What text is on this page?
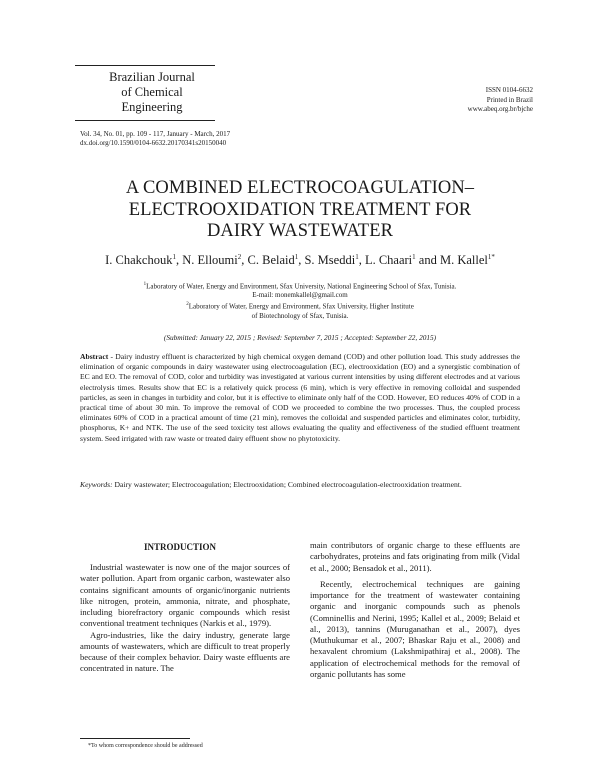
Brazilian Journal
of Chemical
Engineering
ISSN 0104-6632
Printed in Brazil
www.abeq.org.br/bjche
Vol. 34, No. 01, pp. 109 - 117, January - March, 2017
dx.doi.org/10.1590/0104-6632.20170341s20150040
A COMBINED ELECTROCOAGULATION–
ELECTROOXIDATION TREATMENT FOR
DAIRY WASTEWATER
I. Chakchouk$^1$, N. Elloumi$^2$, C. Belaid$^1$, S. Mseddi$^1$, L. Chaari$^1$ and M. Kallel$^{1*}$
$^1$Laboratory of Water, Energy and Environment, Sfax University, National Engineering School of Sfax, Tunisia.
E-mail: monemkallel@gmail.com
$^2$Laboratory of Water, Energy and Environment, Sfax University, Higher Institute
of Biotechnology of Sfax, Tunisia.
(Submitted: January 22, 2015 ; Revised: September 7, 2015 ; Accepted: September 22, 2015)
Abstract - Dairy industry effluent is characterized by high chemical oxygen demand (COD) and other pollution load. This study addresses the elimination of organic compounds in dairy wastewater using electrocoagulation (EC), electrooxidation (EO) and a synergistic combination of EC and EO. The removal of COD, color and turbidity was investigated at various current intensities by using different electrodes and at various electrolysis times. Results show that EC is a relatively quick process (6 min), which is very effective in removing colloidal and suspended particles, as seen in changes in turbidity and color, but it is effective to eliminate only half of the COD. However, EO reduces 40% of COD in a practical time of about 30 min. To improve the removal of COD we proceeded to combine the two processes. Thus, the coupled process eliminates 60% of COD in a practical amount of time (21 min), removes the colloidal and suspended particles and eliminates color, turbidity, phosphorus, K+ and NTK. The use of the seed toxicity test allows evaluating the quality and effectiveness of the studied effluent treatment system. Seed irrigated with raw waste or treated dairy effluent show no phytotoxicity.
Keywords: Dairy wastewater; Electrocoagulation; Electrooxidation; Combined electrocoagulation-electrooxidation treatment.
INTRODUCTION

Industrial wastewater is now one of the major sources of water pollution. Apart from organic carbon, wastewater also contains significant amounts of organic/inorganic nutrients like nitrogen, protein, ammonia, nitrate, and phosphate, including biorefractory organic compounds which resist conventional treatment techniques (Narkis et al., 1979).

Agro-industries, like the dairy industry, generate large amounts of wastewaters, which are difficult to treat properly because of their complex behavior. Dairy waste effluents are concentrated in nature. The

main contributors of organic charge to these effluents are carbohydrates, proteins and fats originating from milk (Vidal et al., 2000; Bensadok et al., 2011).

Recently, electrochemical techniques are gaining importance for the treatment of wastewater containing organic and inorganic compounds such as phenols (Comninellis and Nerini, 1995; Kallel et al., 2009; Belaid et al., 2013), tannins (Muruganathan et al., 2007), dyes (Muthukumar et al., 2007; Bhaskar Raju et al., 2008) and hexavalent chromium (Lakshmipathiraj et al., 2008). The application of electrochemical methods for the removal of organic pollutants has some

*To whom correspondence should be addressed
